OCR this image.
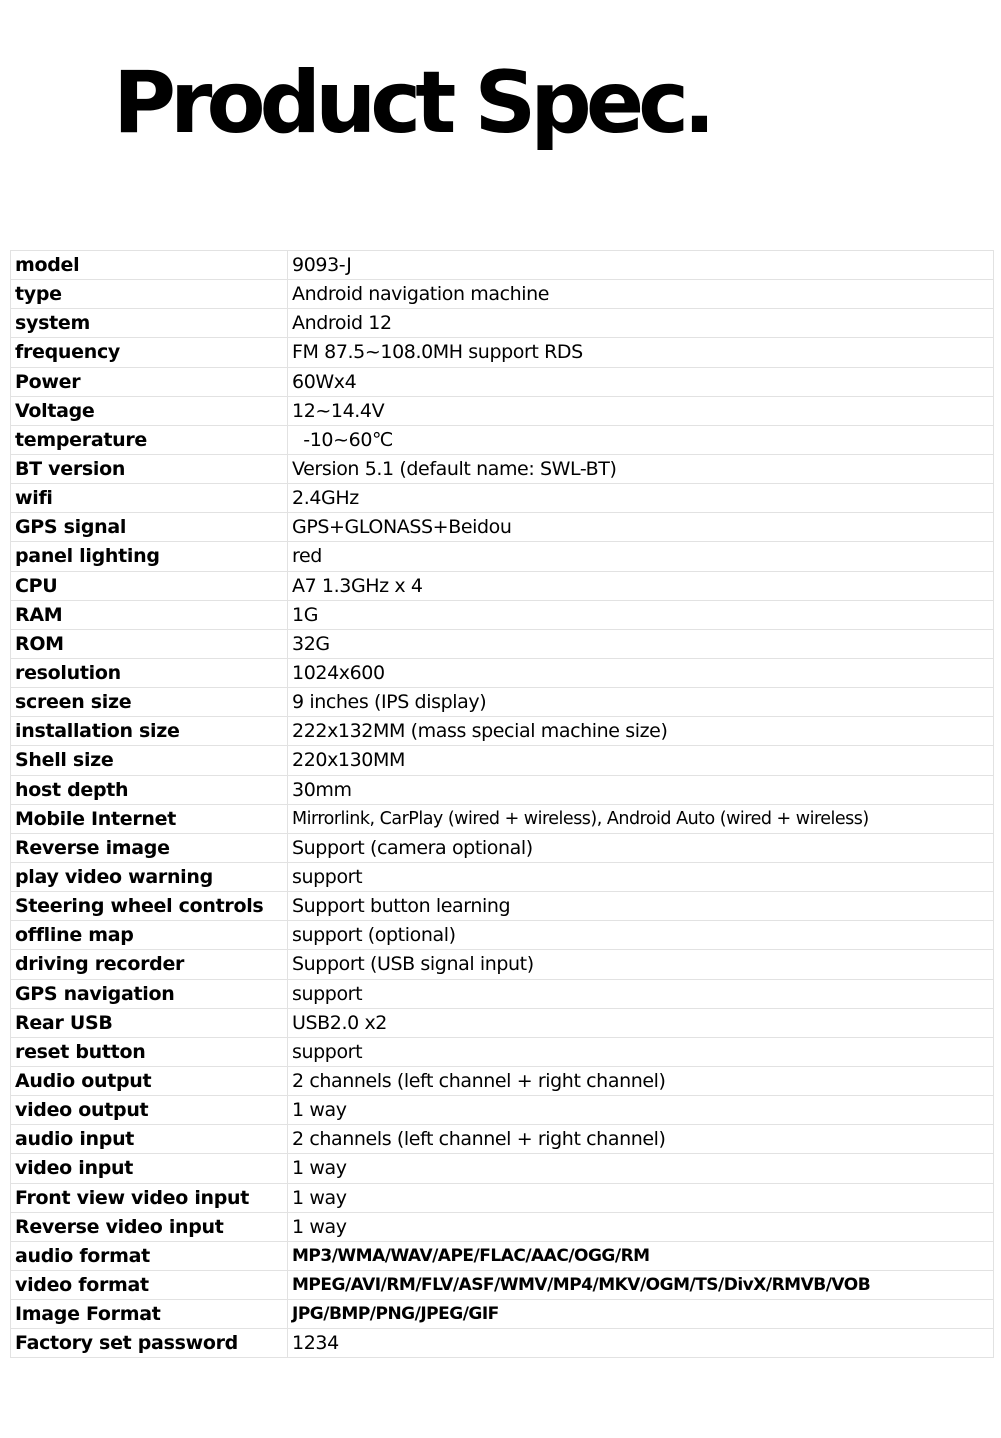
Product Spec.
model	9093-J
type	Android navigation machine
system	Android 12
frequency	FM 87.5~108.0MH support RDS
Power	60Wx4
Voltage	12~14.4V
temperature	-10~60℃
BT version	Version 5.1 (default name: SWL-BT)
wifi	2.4GHz
GPS signal	GPS+GLONASS+Beidou
panel lighting	red
CPU	A7 1.3GHz x 4
RAM	1G
ROM	32G
resolution	1024x600
screen size	9 inches (IPS display)
installation size	222x132MM (mass special machine size)
Shell size	220x130MM
host depth	30mm
Mobile Internet	Mirrorlink, CarPlay (wired + wireless), Android Auto (wired + wireless)
Reverse image	Support (camera optional)
play video warning	support
Steering wheel controls	Support button learning
offline map	support (optional)
driving recorder	Support (USB signal input)
GPS navigation	support
Rear USB	USB2.0 x2
reset button	support
Audio output	2 channels (left channel + right channel)
video output	1 way
audio input	2 channels (left channel + right channel)
video input	1 way
Front view video input	1 way
Reverse video input	1 way
audio format	MP3/WMA/WAV/APE/FLAC/AAC/OGG/RM
video format	MPEG/AVI/RM/FLV/ASF/WMV/MP4/MKV/OGM/TS/DivX/RMVB/VOB
Image Format	JPG/BMP/PNG/JPEG/GIF
Factory set password	1234
